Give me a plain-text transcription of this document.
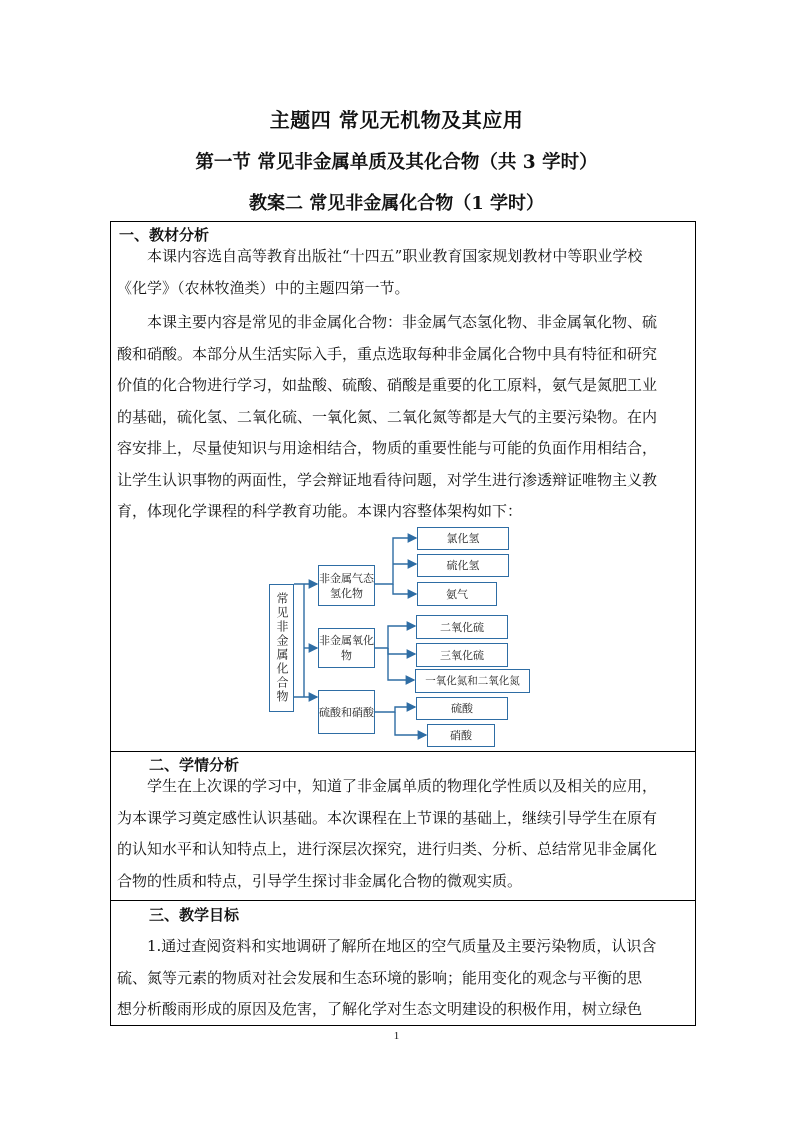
主题四 常见无机物及其应用
第一节 常见非金属单质及其化合物（共 3 学时）
教案二 常见非金属化合物（1 学时）
一、教材分析
本课内容选自高等教育出版社“十四五”职业教育国家规划教材中等职业学校
《化学》（农林牧渔类）中的主题四第一节。
本课主要内容是常见的非金属化合物：非金属气态氢化物、非金属氧化物、硫
酸和硝酸。本部分从生活实际入手，重点选取每种非金属化合物中具有特征和研究
价值的化合物进行学习，如盐酸、硫酸、硝酸是重要的化工原料，氨气是氮肥工业
的基础，硫化氢、二氧化硫、一氧化氮、二氧化氮等都是大气的主要污染物。在内
容安排上，尽量使知识与用途相结合，物质的重要性能与可能的负面作用相结合，
让学生认识事物的两面性，学会辩证地看待问题，对学生进行渗透辩证唯物主义教
育，体现化学课程的科学教育功能。本课内容整体架构如下：
常见非金属化合物
非金属气态氢化物
非金属氧化物
硫酸和硝酸
氯化氢
硫化氢
氨气
二氧化硫
三氧化硫
一氧化氮和二氧化氮
硫酸
硝酸
二、学情分析
学生在上次课的学习中，知道了非金属单质的物理化学性质以及相关的应用，
为本课学习奠定感性认识基础。本次课程在上节课的基础上，继续引导学生在原有
的认知水平和认知特点上，进行深层次探究，进行归类、分析、总结常见非金属化
合物的性质和特点，引导学生探讨非金属化合物的微观实质。
三、教学目标
1.通过查阅资料和实地调研了解所在地区的空气质量及主要污染物质，认识含
硫、氮等元素的物质对社会发展和生态环境的影响；能用变化的观念与平衡的思
想分析酸雨形成的原因及危害，了解化学对生态文明建设的积极作用，树立绿色
1
